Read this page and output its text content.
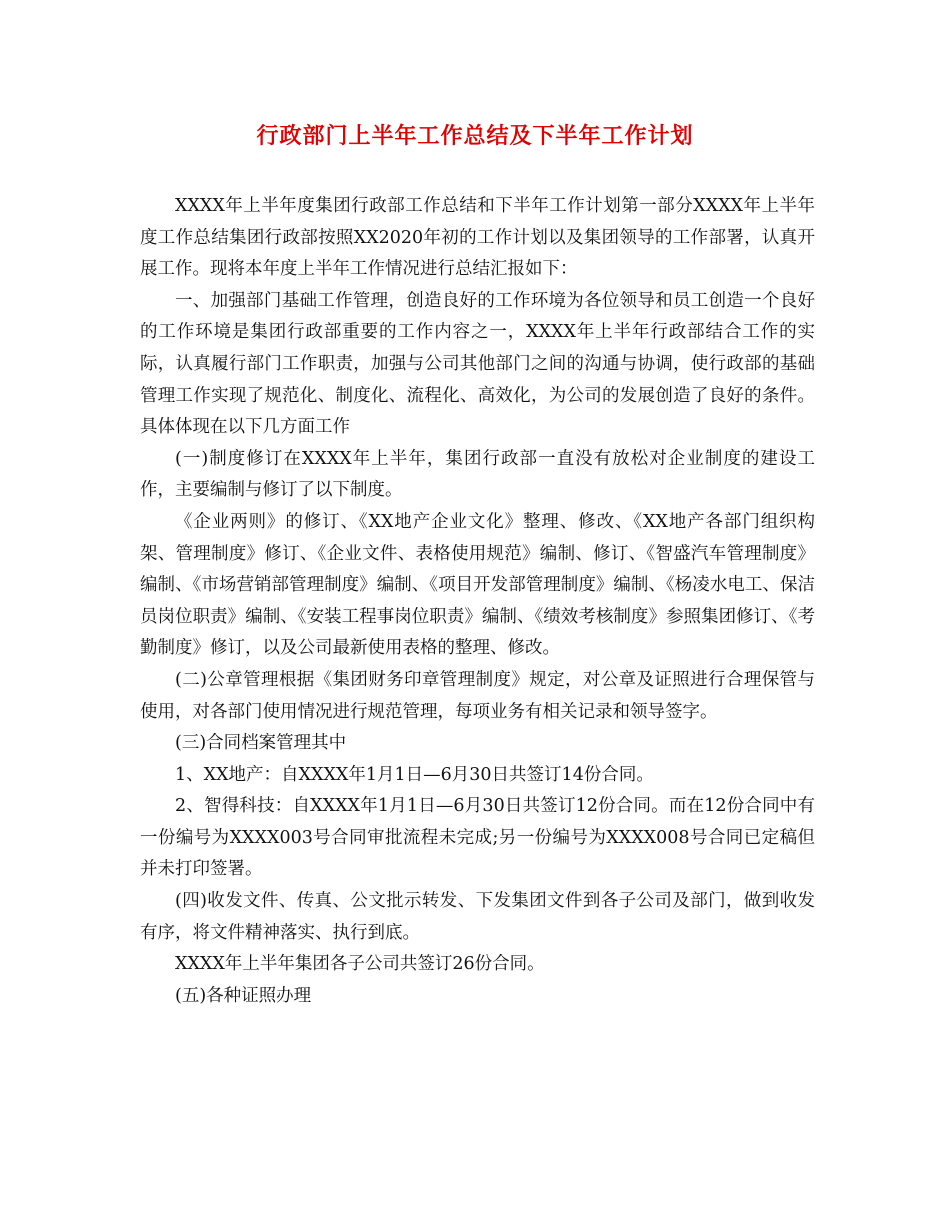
行政部门上半年工作总结及下半年工作计划

XXXX年上半年度集团行政部工作总结和下半年工作计划第一部分XXXX年上半年度工作总结集团行政部按照XX2020年初的工作计划以及集团领导的工作部署，认真开展工作。现将本年度上半年工作情况进行总结汇报如下：

一、加强部门基础工作管理，创造良好的工作环境为各位领导和员工创造一个良好的工作环境是集团行政部重要的工作内容之一，XXXX年上半年行政部结合工作的实际，认真履行部门工作职责，加强与公司其他部门之间的沟通与协调，使行政部的基础管理工作实现了规范化、制度化、流程化、高效化，为公司的发展创造了良好的条件。具体体现在以下几方面工作

(一)制度修订在XXXX年上半年，集团行政部一直没有放松对企业制度的建设工作，主要编制与修订了以下制度。

《企业两则》的修订、《XX地产企业文化》整理、修改、《XX地产各部门组织构架、管理制度》修订、《企业文件、表格使用规范》编制、修订、《智盛汽车管理制度》编制、《市场营销部管理制度》编制、《项目开发部管理制度》编制、《杨凌水电工、保洁员岗位职责》编制、《安装工程事岗位职责》编制、《绩效考核制度》参照集团修订、《考勤制度》修订，以及公司最新使用表格的整理、修改。

(二)公章管理根据《集团财务印章管理制度》规定，对公章及证照进行合理保管与使用，对各部门使用情况进行规范管理，每项业务有相关记录和领导签字。

(三)合同档案管理其中

1、XX地产：自XXXX年1月1日—6月30日共签订14份合同。

2、智得科技：自XXXX年1月1日—6月30日共签订12份合同。而在12份合同中有一份编号为XXXX003号合同审批流程未完成;另一份编号为XXXX008号合同已定稿但并未打印签署。

(四)收发文件、传真、公文批示转发、下发集团文件到各子公司及部门，做到收发有序，将文件精神落实、执行到底。

XXXX年上半年集团各子公司共签订26份合同。

(五)各种证照办理
